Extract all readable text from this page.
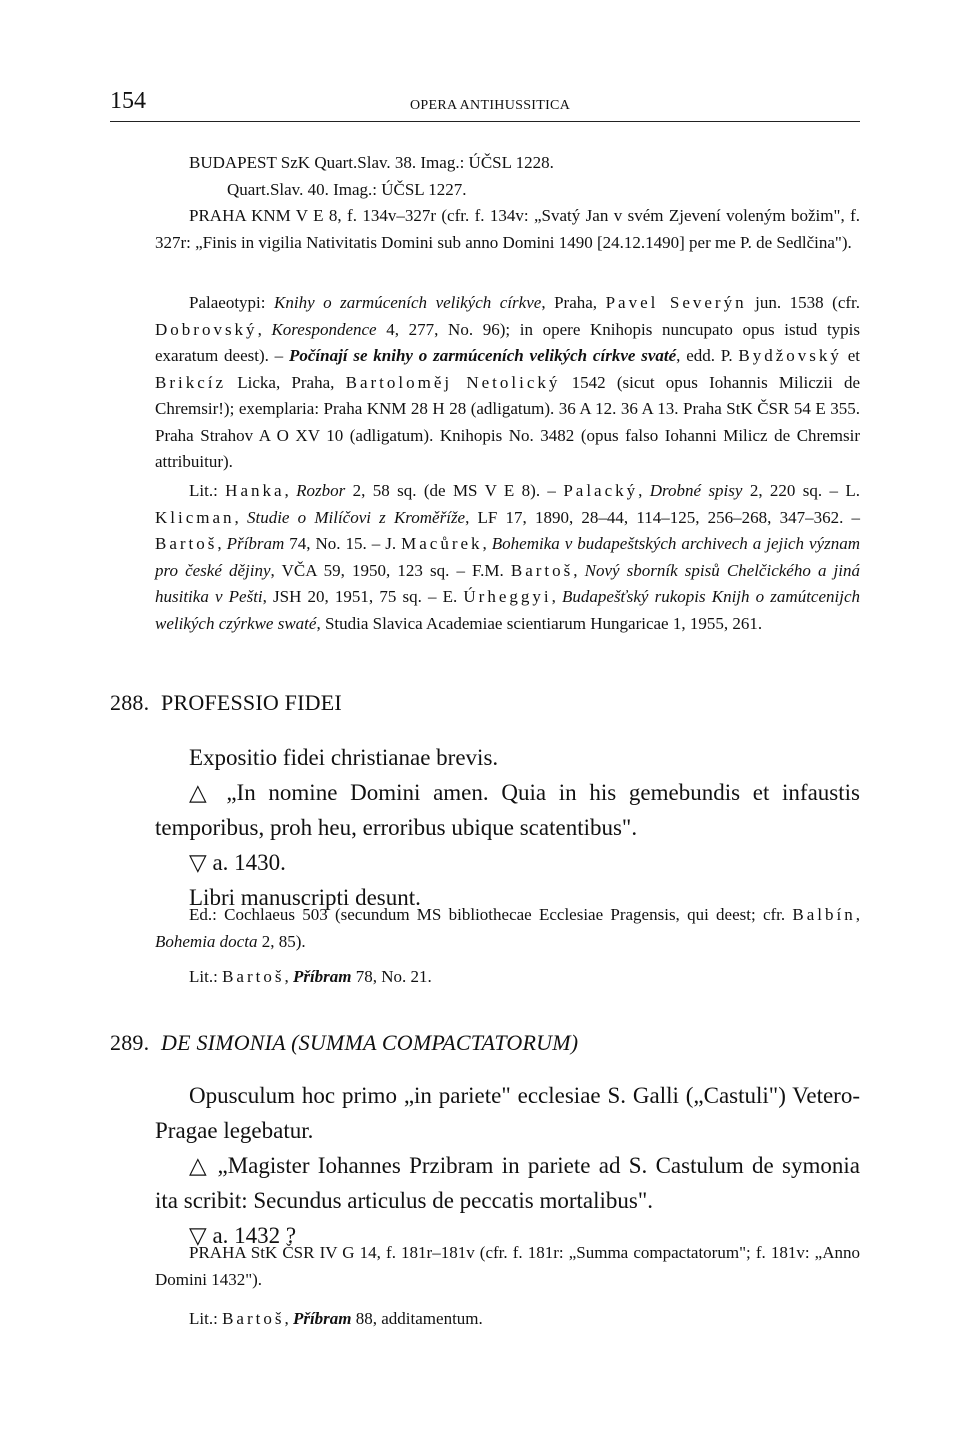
154	OPERA ANTIHUSSITICA

BUDAPEST SzK Quart.Slav. 38. Imag.: ÚČSL 1228.

Quart.Slav. 40. Imag.: ÚČSL 1227.

PRAHA KNM V E 8, f. 134v–327r (cfr. f. 134v: „Svatý Jan v svém Zjevení voleným božim", f. 327r: „Finis in vigilia Nativitatis Domini sub anno Domini 1490 [24.12.1490] per me P. de Sedlčina").

Palaeotypi: Knihy o zarmúceních velikých církve, Praha, Pavel Severýn jun. 1538 (cfr. Dobrovský, Korespondence 4, 277, No. 96); in opere Knihopis nuncupato opus istud typis exaratum deest). – Počínají se knihy o zarmúceních velikých církve svaté, edd. P. Bydžovský et Brikcíz Licka, Praha, Bartoloměj Netolický 1542 (sicut opus Iohannis Miliczii de Chremsir!); exemplaria: Praha KNM 28 H 28 (adligatum). 36 A 12. 36 A 13. Praha StK ČSR 54 E 355. Praha Strahov A O XV 10 (adligatum). Knihopis No. 3482 (opus falso Iohanni Milicz de Chremsir attribuitur).

Lit.: Hanka, Rozbor 2, 58 sq. (de MS V E 8). – Palacký, Drobné spisy 2, 220 sq. – L. Klicman, Studie o Milíčovi z Kroměříže, LF 17, 1890, 28–44, 114–125, 256–268, 347–362. – Bartoš, Příbram 74, No. 15. – J. Macůrek, Bohemika v budapeštských archivech a jejich význam pro české dějiny, VČA 59, 1950, 123 sq. – F.M. Bartoš, Nový sborník spisů Chelčického a jiná husitika v Pešti, JSH 20, 1951, 75 sq. – E. Úrheggyi, Budapešťský rukopis Knijh o zamútcenijch welikých czýrkwe swaté, Studia Slavica Academiae scientiarum Hungaricae 1, 1955, 261.

288. PROFESSIO FIDEI

Expositio fidei christianae brevis.

△ „In nomine Domini amen. Quia in his gemebundis et infaustis temporibus, proh heu, erroribus ubique scatentibus".

▽ a. 1430.

Libri manuscripti desunt.

Ed.: Cochlaeus 503 (secundum MS bibliothecae Ecclesiae Pragensis, qui deest; cfr. Balbín, Bohemia docta 2, 85).

Lit.: Bartoš, Příbram 78, No. 21.

289. DE SIMONIA (SUMMA COMPACTATORUM)

Opusculum hoc primo „in pariete" ecclesiae S. Galli („Castuli") Vetero-Pragae legebatur.

△ „Magister Iohannes Przibram in pariete ad S. Castulum de symonia ita scribit: Secundus articulus de peccatis mortalibus".

▽ a. 1432 ?

PRAHA StK ČSR IV G 14, f. 181r–181v (cfr. f. 181r: „Summa compactatorum"; f. 181v: „Anno Domini 1432").

Lit.: Bartoš, Příbram 88, additamentum.
